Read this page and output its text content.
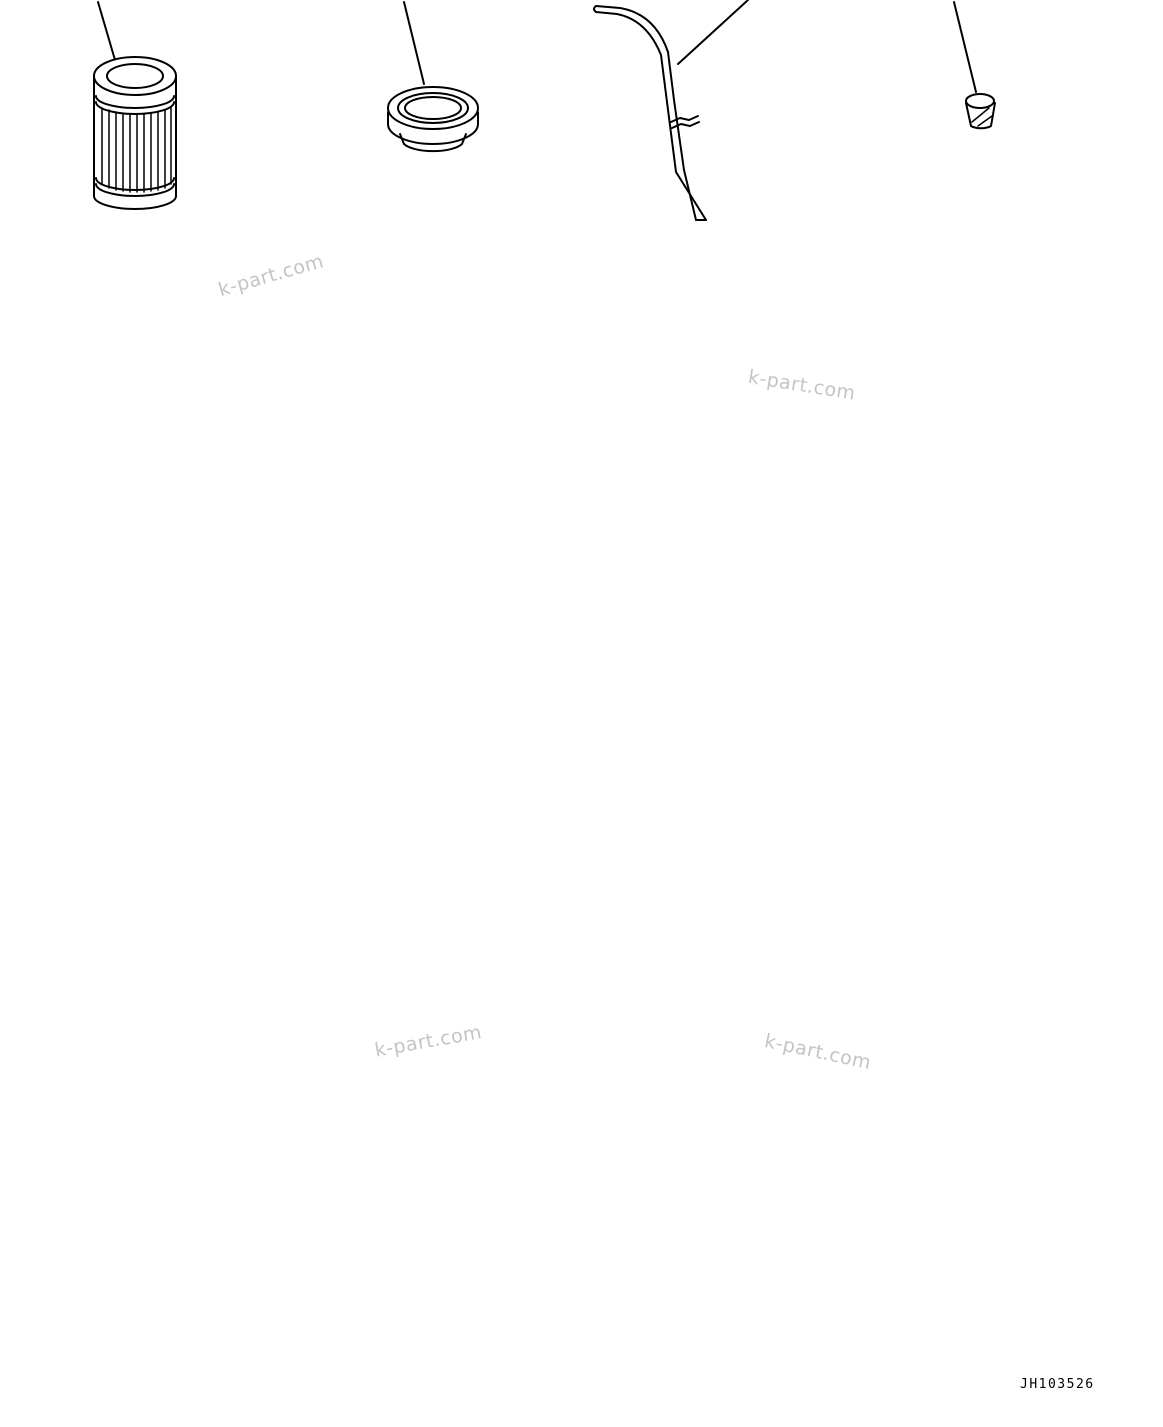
k-part.com
k-part.com
k-part.com	k-part.com
JH103526
